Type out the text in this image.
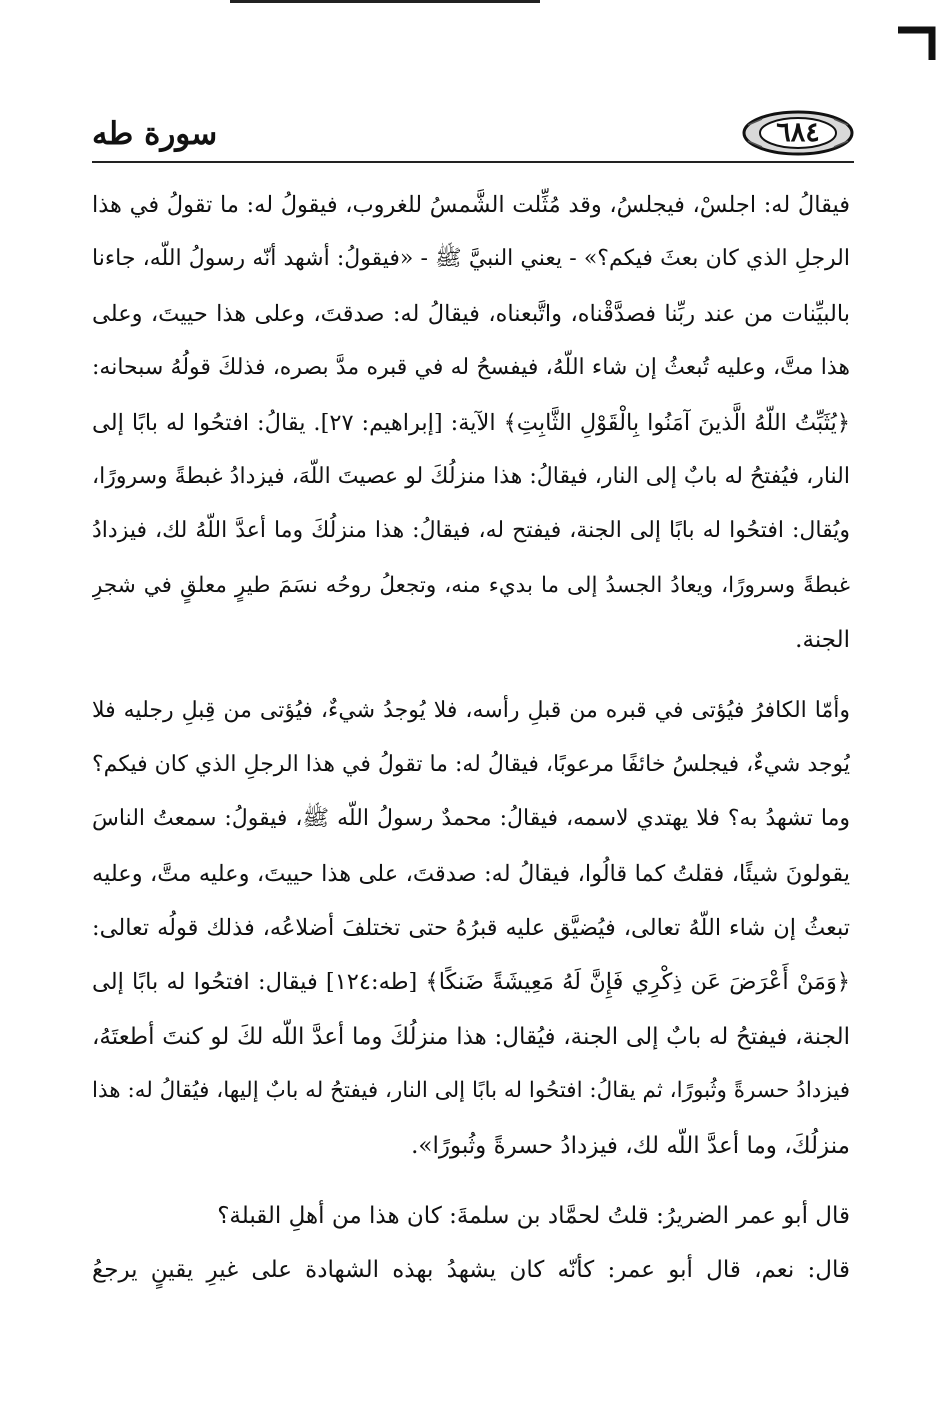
سورة طه	٦٨٤
فيقالُ له: اجلسْ، فيجلسُ، وقد مُثِّلت الشَّمسُ للغروب، فيقولُ له: ما تقولُ في هذا
الرجلِ الذي كان بعثَ فيكم؟» - يعني النبيَّ ﷺ - «فيقولُ: أشهد أنّه رسولُ اللّه، جاءنا
بالبيِّنات من عند ربِّنا فصدَّقْناه، واتَّبعناه، فيقالُ له: صدقتَ، وعلى هذا حييتَ، وعلى
هذا متَّ، وعليه تُبعثُ إن شاء اللّهُ، فيفسحُ له في قبره مدَّ بصره، فذلكَ قولُهُ سبحانه:
﴿يُثَبِّتُ اللّهُ الَّذينَ آمَنُوا بِالْقَوْلِ الثَّابِتِ﴾ الآية: [إبراهيم: ٢٧]. يقالُ: افتحُوا له بابًا إلى
النار، فيُفتحُ له بابٌ إلى النار، فيقالُ: هذا منزلُكَ لو عصيتَ اللّهَ، فيزدادُ غبطةً وسرورًا،
ويُقال: افتحُوا له بابًا إلى الجنة، فيفتح له، فيقالُ: هذا منزلُكَ وما أعدَّ اللّهُ لك، فيزدادُ
غبطةً وسرورًا، ويعادُ الجسدُ إلى ما بديء منه، وتجعلُ روحُه نسَمَ طيرٍ معلقٍ في شجرِ
الجنة.
وأمّا الكافرُ فيُؤتى في قبره من قبلِ رأسه، فلا يُوجدُ شيءٌ، فيُؤتى من قِبلِ رجليه فلا
يُوجد شيءٌ، فيجلسُ خائفًا مرعوبًا، فيقالُ له: ما تقولُ في هذا الرجلِ الذي كان فيكم؟
وما تشهدُ به؟ فلا يهتدي لاسمه، فيقالُ: محمدٌ رسولُ اللّه ﷺ، فيقولُ: سمعتُ الناسَ
يقولونَ شيئًا، فقلتُ كما قالُوا، فيقالُ له: صدقتَ، على هذا حييتَ، وعليه متَّ، وعليه
تبعثُ إن شاء اللّهُ تعالى، فيُضيَّق عليه قبرُهُ حتى تختلفَ أضلاعُه، فذلك قولُه تعالى:
﴿وَمَنْ أَعْرَضَ عَن ذِكْرِي فَإِنَّ لَهُ مَعِيشَةً ضَنكًا﴾ [طه:١٢٤] فيقال: افتحُوا له بابًا إلى
الجنة، فيفتحُ له بابٌ إلى الجنة، فيُقال: هذا منزلُكَ وما أعدَّ اللّه لكَ لو كنتَ أطعتَهُ،
فيزدادُ حسرةً وثُبورًا، ثم يقالُ: افتحُوا له بابًا إلى النار، فيفتحُ له بابٌ إليها، فيُقالُ له: هذا
منزلُكَ، وما أعدَّ اللّه لك، فيزدادُ حسرةً وثُبورًا».
قال أبو عمر الضريرُ: قلتُ لحمَّاد بن سلمةَ: كان هذا من أهلِ القبلة؟
قال: نعم، قال أبو عمر: كأنّه كان يشهدُ بهذه الشهادة على غيرِ يقينٍ يرجعُ
